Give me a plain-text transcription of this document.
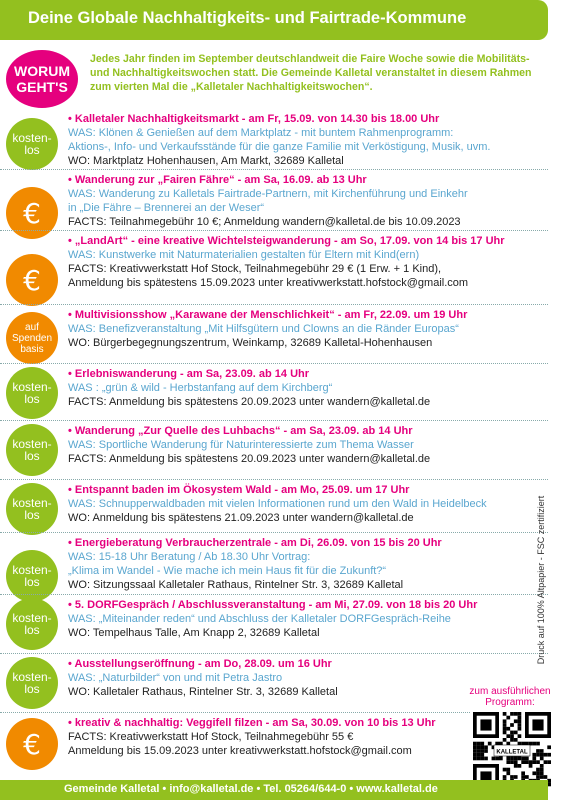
Deine Globale Nachhaltigkeits- und Fairtrade-Kommune
WORUM
GEHT'S
Jedes Jahr finden im September deutschlandweit die Faire Woche sowie die Mobilitäts- und Nachhaltigkeitswochen statt. Die Gemeinde Kalletal veranstaltet in diesem Rahmen zum vierten Mal die „Kalletaler Nachhaltigkeitswochen“.
kosten-
los
• Kalletaler Nachhaltigkeitsmarkt - am Fr, 15.09. von 14.30 bis 18.00 Uhr
WAS: Klönen & Genießen auf dem Marktplatz - mit buntem Rahmenprogramm:
Aktions-, Info- und Verkaufsstände für die ganze Familie mit Verköstigung, Musik, uvm.
WO: Marktplatz Hohenhausen, Am Markt, 32689 Kalletal
€
• Wanderung zur „Fairen Fähre“ - am Sa, 16.09. ab 13 Uhr
WAS: Wanderung zu Kalletals Fairtrade-Partnern, mit Kirchenführung und Einkehr
in „Die Fähre – Brennerei an der Weser“
FACTS: Teilnahmegebühr 10 €; Anmeldung wandern@kalletal.de bis 10.09.2023
€
• „LandArt“ - eine kreative Wichtelsteigwanderung - am So, 17.09. von 14 bis 17 Uhr
WAS: Kunstwerke mit Naturmaterialien gestalten für Eltern mit Kind(ern)
FACTS: Kreativwerkstatt Hof Stock, Teilnahmegebühr 29 € (1 Erw. + 1 Kind),
Anmeldung bis spätestens 15.09.2023 unter kreativwerkstatt.hofstock@gmail.com
auf
Spenden
basis
• Multivisionsshow „Karawane der Menschlichkeit“ - am Fr, 22.09. um 19 Uhr
WAS: Benefizveranstaltung „Mit Hilfsgütern und Clowns an die Ränder Europas“
WO: Bürgerbegegnungszentrum, Weinkamp, 32689 Kalletal-Hohenhausen
kosten-
los
• Erlebniswanderung - am Sa, 23.09. ab 14 Uhr
WAS : „grün & wild - Herbstanfang auf dem Kirchberg“
FACTS: Anmeldung bis spätestens 20.09.2023 unter wandern@kalletal.de
kosten-
los
• Wanderung „Zur Quelle des Luhbachs“ - am Sa, 23.09. ab 14 Uhr
WAS: Sportliche Wanderung für Naturinteressierte zum Thema Wasser
FACTS: Anmeldung bis spätestens 20.09.2023 unter wandern@kalletal.de
kosten-
los
• Entspannt baden im Ökosystem Wald - am Mo, 25.09. um 17 Uhr
WAS: Schnupperwaldbaden mit vielen Informationen rund um den Wald in Heidelbeck
WO: Anmeldung bis spätestens 21.09.2023 unter wandern@kalletal.de
kosten-
los
• Energieberatung Verbraucherzentrale - am Di, 26.09. von 15 bis 20 Uhr
WAS: 15-18 Uhr Beratung / Ab 18.30 Uhr Vortrag:
„Klima im Wandel - Wie mache ich mein Haus fit für die Zukunft?“
WO: Sitzungssaal Kalletaler Rathaus, Rintelner Str. 3, 32689 Kalletal
kosten-
los
• 5. DORFGespräch / Abschlussveranstaltung - am Mi, 27.09. von 18 bis 20 Uhr
WAS: „Miteinander reden“ und Abschluss der Kalletaler DORFGespräch-Reihe
WO: Tempelhaus Talle, Am Knapp 2, 32689 Kalletal
kosten-
los
• Ausstellungseröffnung - am Do, 28.09. um 16 Uhr
WAS: „Naturbilder“ von und mit Petra Jastro
WO: Kalletaler Rathaus, Rintelner Str. 3, 32689 Kalletal
€
• kreativ & nachhaltig: Veggifell filzen - am Sa, 30.09. von 10 bis 13 Uhr
FACTS: Kreativwerkstatt Hof Stock, Teilnahmegebühr 55 €
Anmeldung bis 15.09.2023 unter kreativwerkstatt.hofstock@gmail.com
Druck auf 100% Altpapier - FSC zertifiziert
zum ausführlichen
Programm:
KALLETAL
Gemeinde Kalletal • info@kalletal.de • Tel. 05264/644-0 • www.kalletal.de
